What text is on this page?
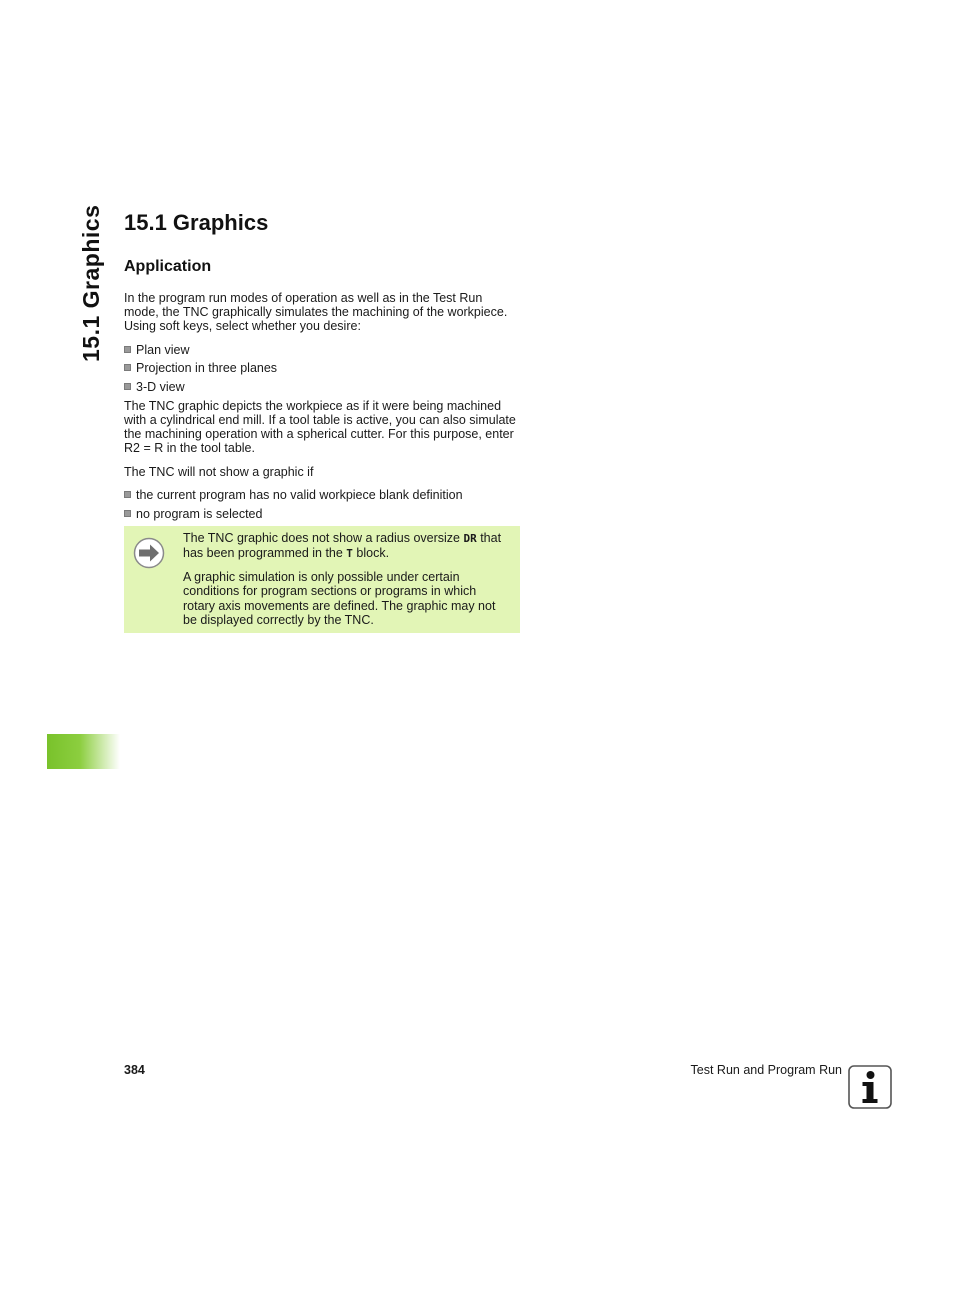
15.1 Graphics 15.1 Graphics
Application

In the program run modes of operation as well as in the Test Run mode, the TNC graphically simulates the machining of the workpiece. Using soft keys, select whether you desire:

Plan view
Projection in three planes
3-D view

The TNC graphic depicts the workpiece as if it were being machined with a cylindrical end mill. If a tool table is active, you can also simulate the machining operation with a spherical cutter. For this purpose, enter R2 = R in the tool table.

The TNC will not show a graphic if

the current program has no valid workpiece blank definition
no program is selected

The TNC graphic does not show a radius oversize DR that has been programmed in the T block.

A graphic simulation is only possible under certain conditions for program sections or programs in which rotary axis movements are defined. The graphic may not be displayed correctly by the TNC.

384	Test Run and Program Run
